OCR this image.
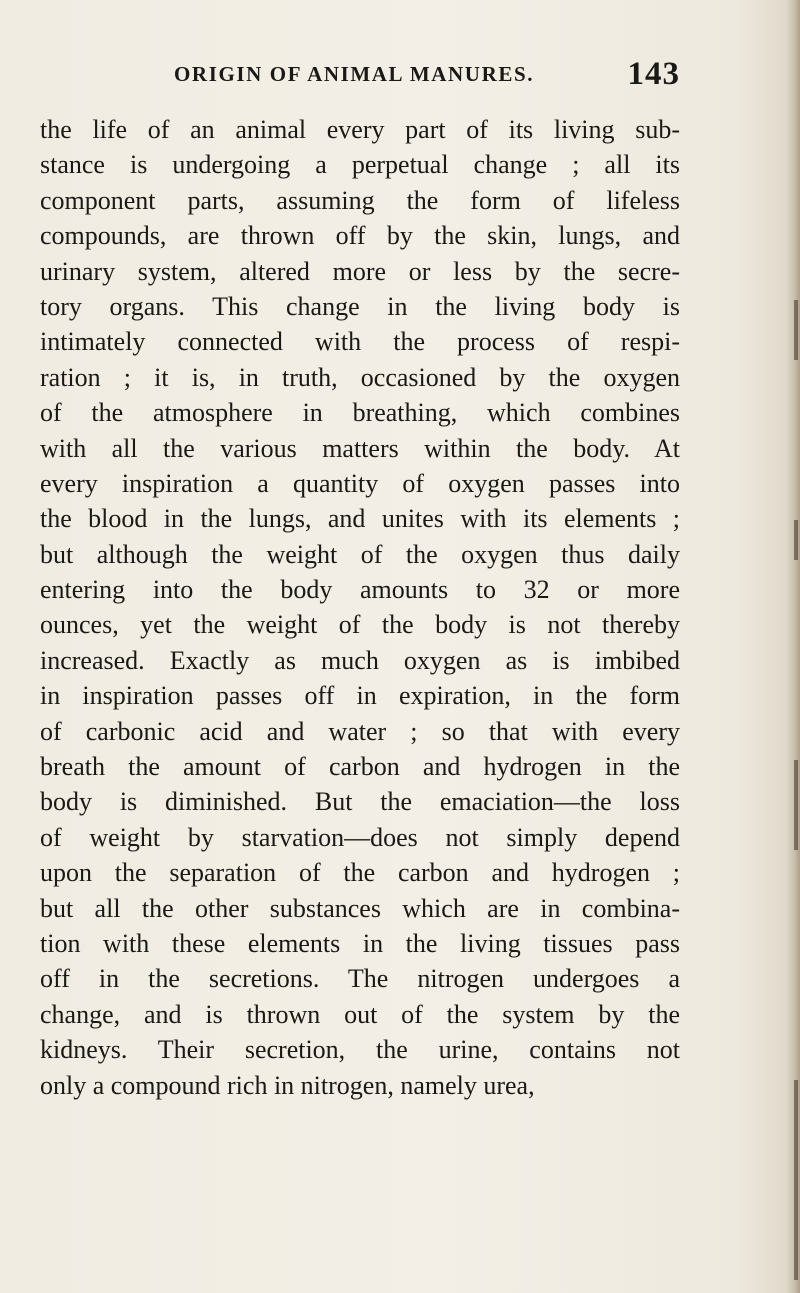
ORIGIN OF ANIMAL MANURES.	143
the life of an animal every part of its living sub-
stance is undergoing a perpetual change ; all its
component parts, assuming the form of lifeless
compounds, are thrown off by the skin, lungs, and
urinary system, altered more or less by the secre-
tory organs. This change in the living body is
intimately connected with the process of respi-
ration ; it is, in truth, occasioned by the oxygen
of the atmosphere in breathing, which combines
with all the various matters within the body. At
every inspiration a quantity of oxygen passes into
the blood in the lungs, and unites with its elements ;
but although the weight of the oxygen thus daily
entering into the body amounts to 32 or more
ounces, yet the weight of the body is not thereby
increased. Exactly as much oxygen as is imbibed
in inspiration passes off in expiration, in the form
of carbonic acid and water ; so that with every
breath the amount of carbon and hydrogen in the
body is diminished. But the emaciation—the loss
of weight by starvation—does not simply depend
upon the separation of the carbon and hydrogen ;
but all the other substances which are in combina-
tion with these elements in the living tissues pass
off in the secretions. The nitrogen undergoes a
change, and is thrown out of the system by the
kidneys. Their secretion, the urine, contains not
only a compound rich in nitrogen, namely urea,
